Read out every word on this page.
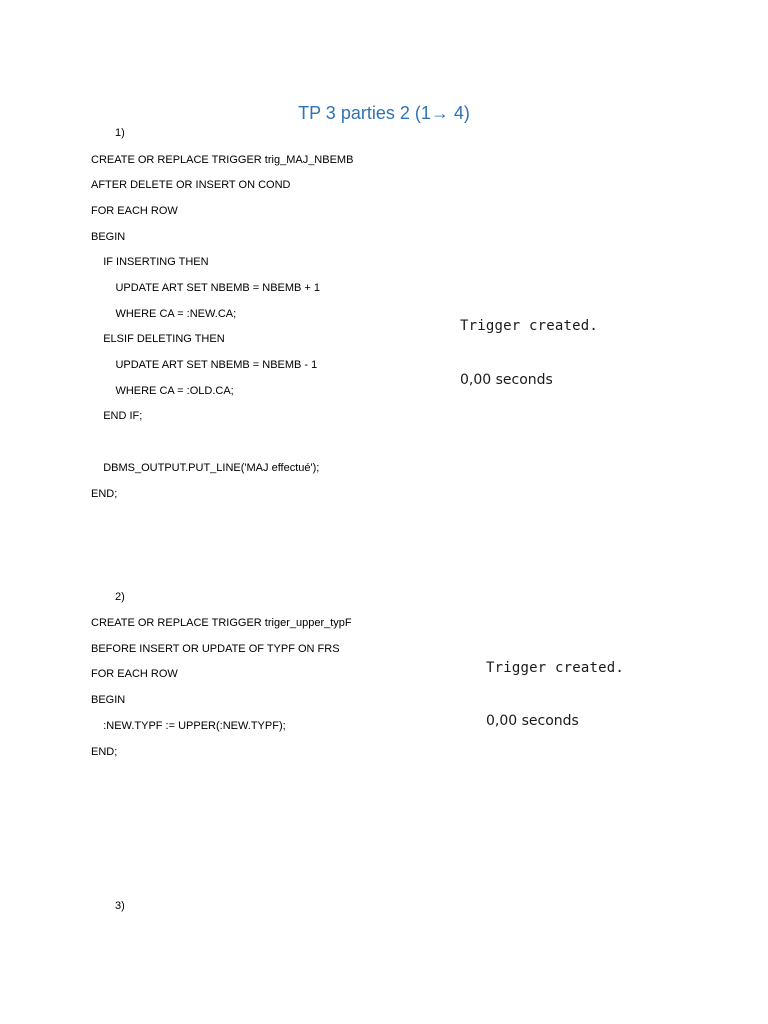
TP 3 parties 2 (1→ 4)
1)
CREATE OR REPLACE TRIGGER trig_MAJ_NBEMB
AFTER DELETE OR INSERT ON COND
FOR EACH ROW
BEGIN
IF INSERTING THEN
UPDATE ART SET NBEMB = NBEMB + 1
WHERE CA = :NEW.CA;
ELSIF DELETING THEN
UPDATE ART SET NBEMB = NBEMB - 1
WHERE CA = :OLD.CA;
END IF;
DBMS_OUTPUT.PUT_LINE('MAJ effectué');
END;
Trigger created.
0,00 seconds
2)
CREATE OR REPLACE TRIGGER triger_upper_typF
BEFORE INSERT OR UPDATE OF TYPF ON FRS
FOR EACH ROW
BEGIN
:NEW.TYPF := UPPER(:NEW.TYPF);
END;
Trigger created.
0,00 seconds
3)
